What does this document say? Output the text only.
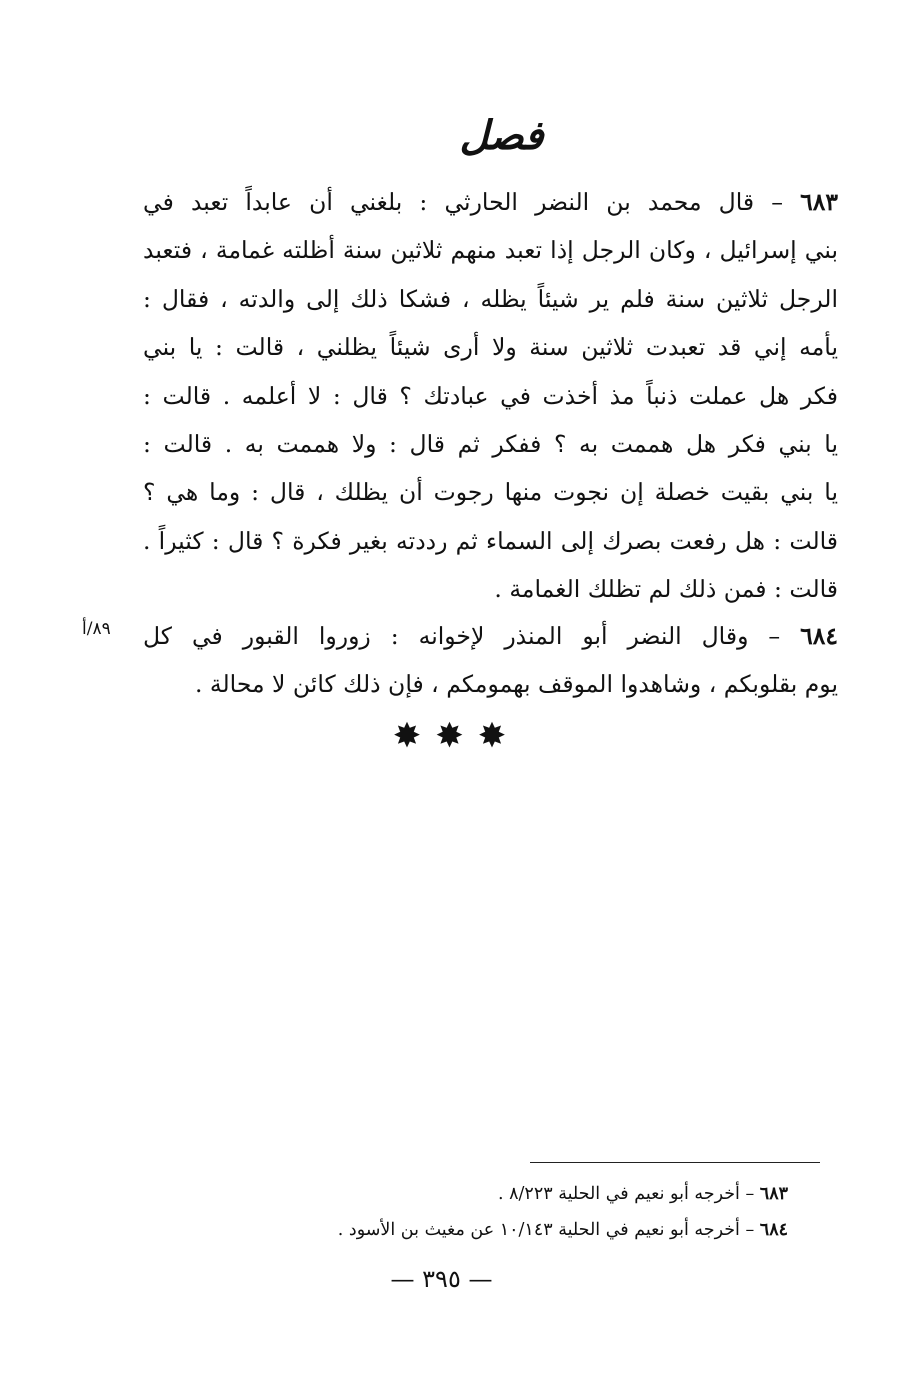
فصل
٦٨٣ – قال محمد بن النضر الحارثي : بلغني أن عابداً تعبد في
بني إسرائيل ، وكان الرجل إذا تعبد منهم ثلاثين سنة أظلته غمامة ، فتعبد
الرجل ثلاثين سنة فلم ير شيئاً يظله ، فشكا ذلك إلى والدته ، فقال :
يأمه إني قد تعبدت ثلاثين سنة ولا أرى شيئاً يظلني ، قالت : يا بني
فكر هل عملت ذنباً مذ أخذت في عبادتك ؟ قال : لا أعلمه . قالت :
يا بني فكر هل هممت به ؟ ففكر ثم قال : ولا هممت به . قالت :
يا بني بقيت خصلة إن نجوت منها رجوت أن يظلك ، قال : وما هي ؟
قالت : هل رفعت بصرك إلى السماء ثم رددته بغير فكرة ؟ قال : كثيراً .
قالت : فمن ذلك لم تظلك الغمامة .
٦٨٤ – وقال النضر أبو المنذر لإخوانه : زوروا القبور في كل
يوم بقلوبكم ، وشاهدوا الموقف بهمومكم ، فإن ذلك كائن لا محالة .
٨٩/أ
✸✸✸
٦٨٣ – أخرجه أبو نعيم في الحلية ٨/٢٢٣ .
٦٨٤ – أخرجه أبو نعيم في الحلية ١٠/١٤٣ عن مغيث بن الأسود .
— ٣٩٥ —
